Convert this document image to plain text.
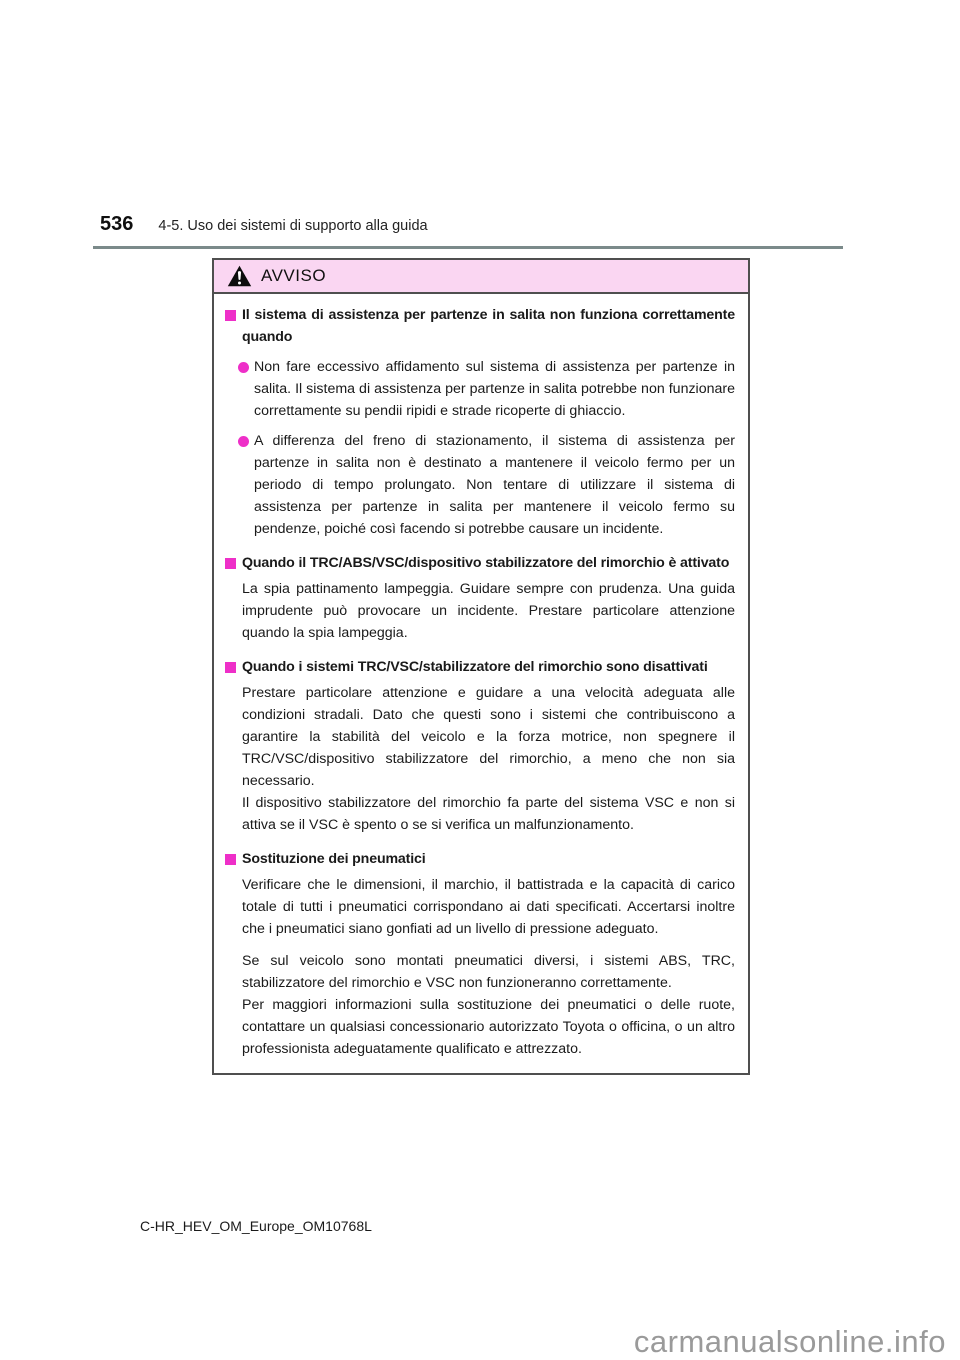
536 4-5. Uso dei sistemi di supporto alla guida
AVVISO
Il sistema di assistenza per partenze in salita non funziona correttamente quando
Non fare eccessivo affidamento sul sistema di assistenza per partenze in salita. Il sistema di assistenza per partenze in salita potrebbe non funzionare correttamente su pendii ripidi e strade ricoperte di ghiaccio.
A differenza del freno di stazionamento, il sistema di assistenza per partenze in salita non è destinato a mantenere il veicolo fermo per un periodo di tempo prolungato. Non tentare di utilizzare il sistema di assistenza per partenze in salita per mantenere il veicolo fermo su pendenze, poiché così facendo si potrebbe causare un incidente.
Quando il TRC/ABS/VSC/dispositivo stabilizzatore del rimorchio è attivato
La spia pattinamento lampeggia. Guidare sempre con prudenza. Una guida imprudente può provocare un incidente. Prestare particolare attenzione quando la spia lampeggia.
Quando i sistemi TRC/VSC/stabilizzatore del rimorchio sono disattivati
Prestare particolare attenzione e guidare a una velocità adeguata alle condizioni stradali. Dato che questi sono i sistemi che contribuiscono a garantire la stabilità del veicolo e la forza motrice, non spegnere il TRC/VSC/dispositivo stabilizzatore del rimorchio, a meno che non sia necessario.
Il dispositivo stabilizzatore del rimorchio fa parte del sistema VSC e non si attiva se il VSC è spento o se si verifica un malfunzionamento.
Sostituzione dei pneumatici
Verificare che le dimensioni, il marchio, il battistrada e la capacità di carico totale di tutti i pneumatici corrispondano ai dati specificati. Accertarsi inoltre che i pneumatici siano gonfiati ad un livello di pressione adeguato.
Se sul veicolo sono montati pneumatici diversi, i sistemi ABS, TRC, stabilizzatore del rimorchio e VSC non funzioneranno correttamente.
Per maggiori informazioni sulla sostituzione dei pneumatici o delle ruote, contattare un qualsiasi concessionario autorizzato Toyota o officina, o un altro professionista adeguatamente qualificato e attrezzato.
C-HR_HEV_OM_Europe_OM10768L
carmanualsonline.info
